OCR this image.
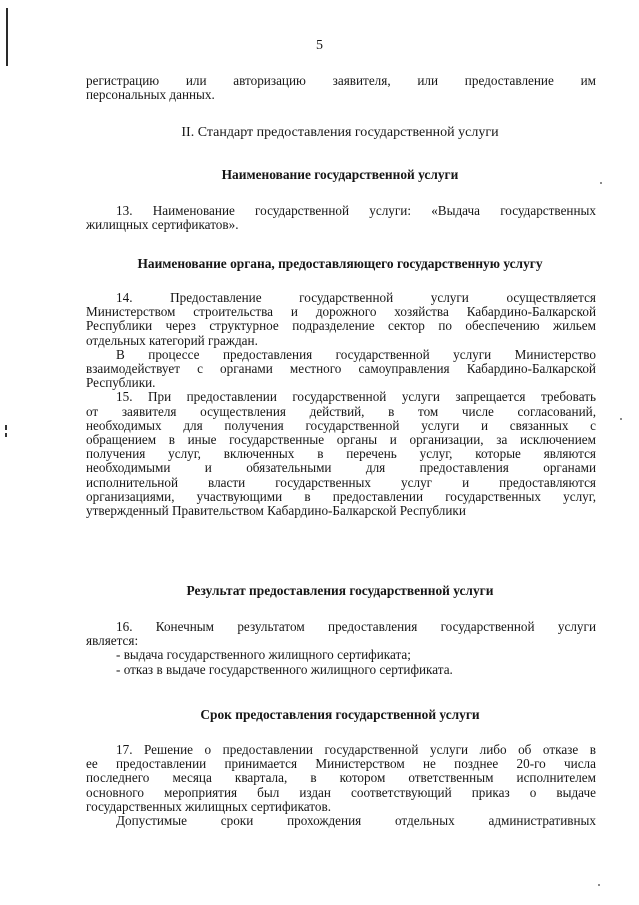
5

регистрацию или авторизацию заявителя, или предоставление им

персональных данных.

II. Стандарт предоставления государственной услуги
Наименование государственной услуги

13. Наименование государственной услуги: «Выдача государственных

жилищных сертификатов».

Наименование органа, предоставляющего государственную услугу

14. Предоставление государственной услуги осуществляется

Министерством строительства и дорожного хозяйства Кабардино-Балкарской

Республики через структурное подразделение сектор по обеспечению жильем

отдельных категорий граждан.

В процессе предоставления государственной услуги Министерство

взаимодействует с органами местного самоуправления Кабардино-Балкарской

Республики.

15. При предоставлении государственной услуги запрещается требовать

от заявителя осуществления действий, в том числе согласований,

необходимых для получения государственной услуги и связанных с

обращением в иные государственные органы и организации, за исключением

получения услуг, включенных в перечень услуг, которые являются

необходимыми и обязательными для предоставления органами

исполнительной власти государственных услуг и предоставляются

организациями, участвующими в предоставлении государственных услуг,

утвержденный Правительством Кабардино-Балкарской Республики

Результат предоставления государственной услуги

16. Конечным результатом предоставления государственной услуги

является:

- выдача государственного жилищного сертификата;

- отказ в выдаче государственного жилищного сертификата.

Срок предоставления государственной услуги

17. Решение о предоставлении государственной услуги либо об отказе в

ее предоставлении принимается Министерством не позднее 20-го числа

последнего месяца квартала, в котором ответственным исполнителем

основного мероприятия был издан соответствующий приказ о выдаче

государственных жилищных сертификатов.

Допустимые сроки прохождения отдельных административных
